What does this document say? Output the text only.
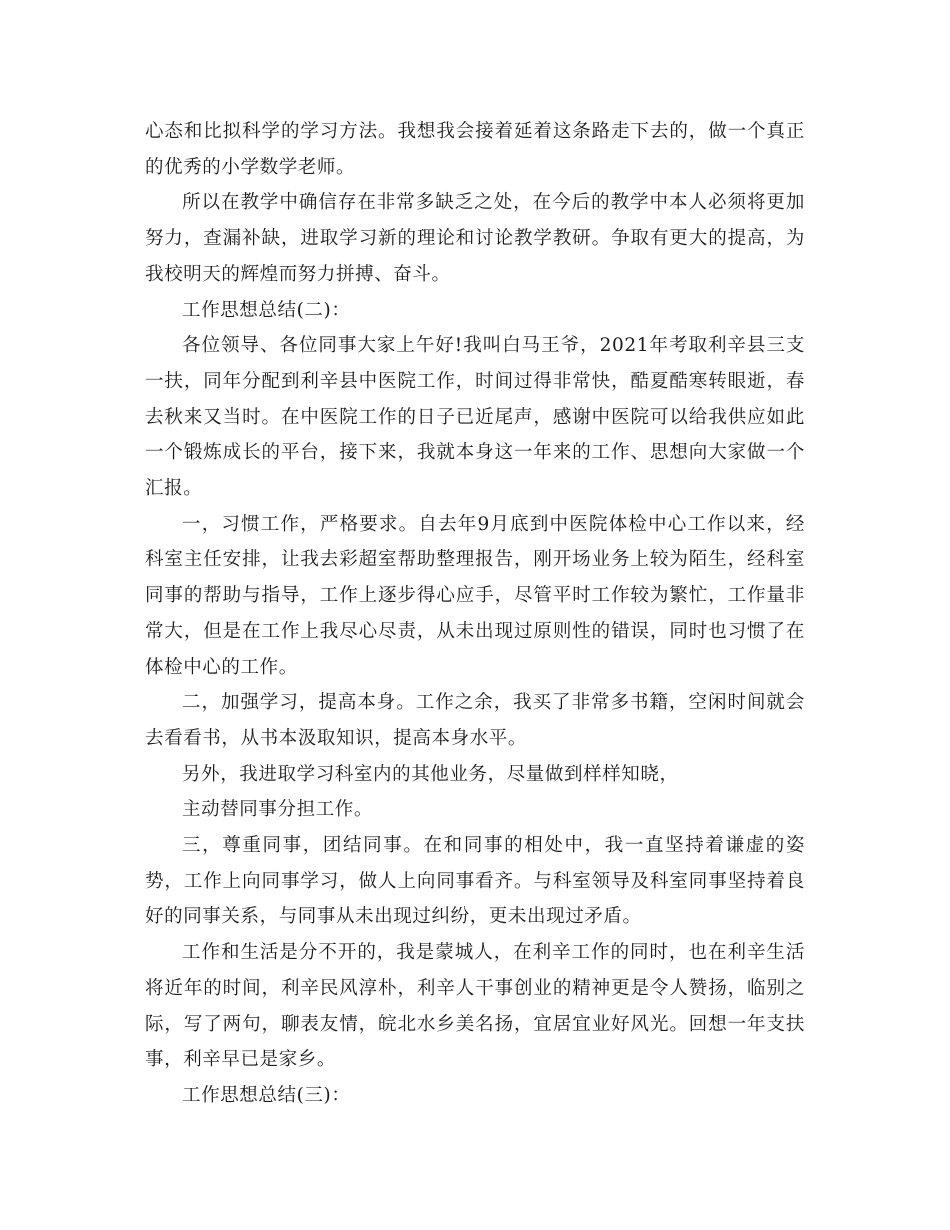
心态和比拟科学的学习方法。我想我会接着延着这条路走下去的，做一个真正的优秀的小学数学老师。

所以在教学中确信存在非常多缺乏之处，在今后的教学中本人必须将更加努力，查漏补缺，进取学习新的理论和讨论教学教研。争取有更大的提高，为我校明天的辉煌而努力拼搏、奋斗。

工作思想总结(二)：

各位领导、各位同事大家上午好!我叫白马王爷，2021年考取利辛县三支一扶，同年分配到利辛县中医院工作，时间过得非常快，酷夏酷寒转眼逝，春去秋来又当时。在中医院工作的日子已近尾声，感谢中医院可以给我供应如此一个锻炼成长的平台，接下来，我就本身这一年来的工作、思想向大家做一个汇报。

一，习惯工作，严格要求。自去年9月底到中医院体检中心工作以来，经科室主任安排，让我去彩超室帮助整理报告，刚开场业务上较为陌生，经科室同事的帮助与指导，工作上逐步得心应手，尽管平时工作较为繁忙，工作量非常大，但是在工作上我尽心尽责，从未出现过原则性的错误，同时也习惯了在体检中心的工作。

二，加强学习，提高本身。工作之余，我买了非常多书籍，空闲时间就会去看看书，从书本汲取知识，提高本身水平。

另外，我进取学习科室内的其他业务，尽量做到样样知晓，

主动替同事分担工作。

三，尊重同事，团结同事。在和同事的相处中，我一直坚持着谦虚的姿势，工作上向同事学习，做人上向同事看齐。与科室领导及科室同事坚持着良好的同事关系，与同事从未出现过纠纷，更未出现过矛盾。

工作和生活是分不开的，我是蒙城人，在利辛工作的同时，也在利辛生活将近年的时间，利辛民风淳朴，利辛人干事创业的精神更是令人赞扬，临别之际，写了两句，聊表友情，皖北水乡美名扬，宜居宜业好风光。回想一年支扶事，利辛早已是家乡。

工作思想总结(三)：
